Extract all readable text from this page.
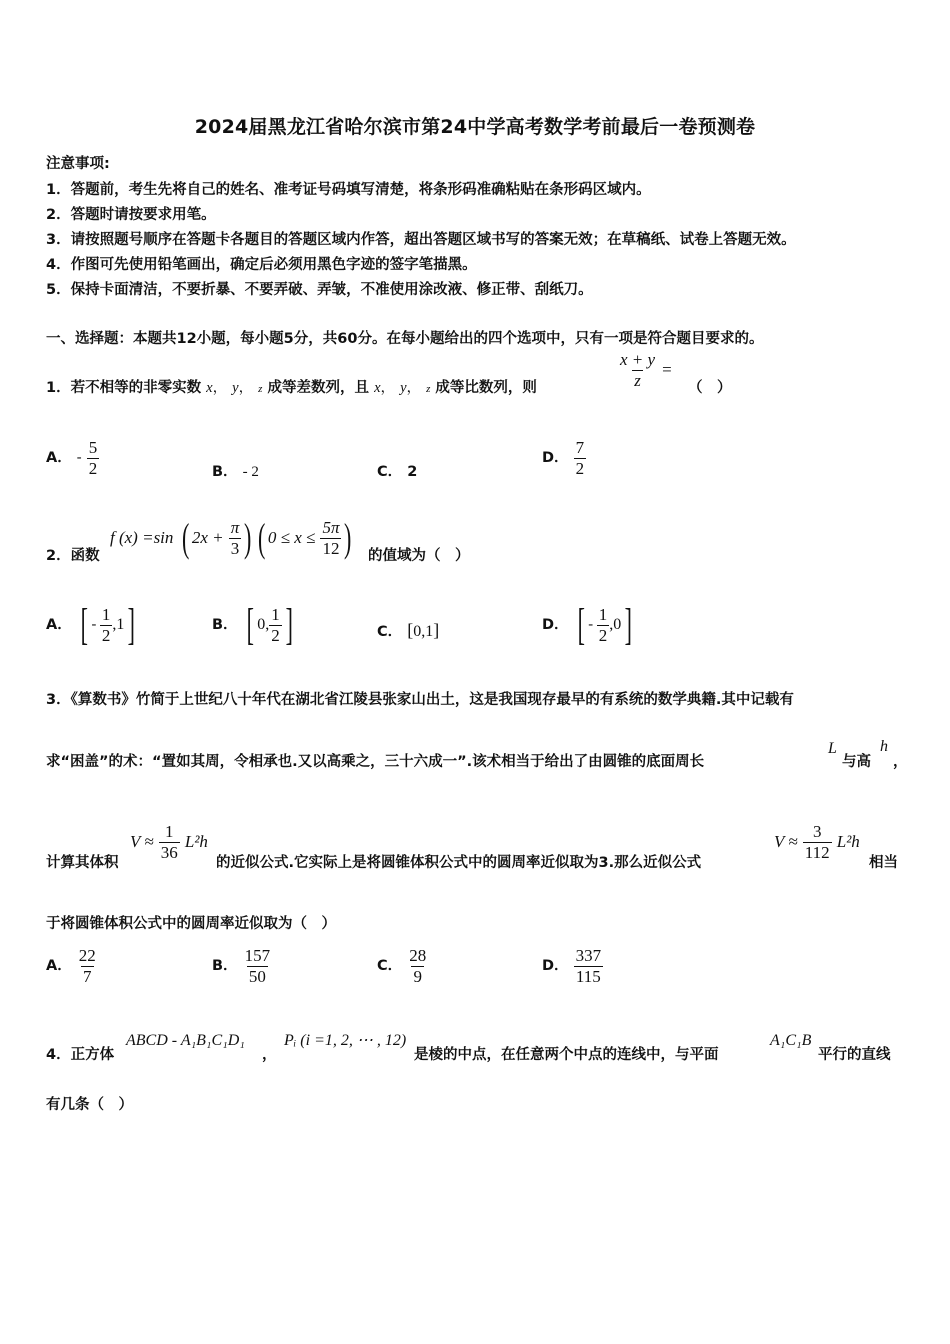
2024届黑龙江省哈尔滨市第24中学高考数学考前最后一卷预测卷
注意事项:
1．答题前，考生先将自己的姓名、准考证号码填写清楚，将条形码准确粘贴在条形码区域内。
2．答题时请按要求用笔。
3．请按照题号顺序在答题卡各题目的答题区域内作答，超出答题区域书写的答案无效；在草稿纸、试卷上答题无效。
4．作图可先使用铅笔画出，确定后必须用黑色字迹的签字笔描黑。
5．保持卡面清洁，不要折暴、不要弄破、弄皱，不准使用涂改液、修正带、刮纸刀。
一、选择题：本题共12小题，每小题5分，共60分。在每小题给出的四个选项中，只有一项是符合题目要求的。
1．若不相等的非零实数 x， y， z 成等差数列，且 x， y， z 成等比数列，则	$\frac{x + y}{z}$ =
（　）
A． - $\frac{5}{2}$	B． - 2	C． 2
D． $\frac{7}{2}$
2．函数
f (x) =sin ( $2x + \frac{\pi}{3}$ ) ( $0 \le x \le \frac{5\pi}{12}$ ) 的值域为（　）
A． [ - $\frac{1}{2} ,1$]	B． [ 0, $\frac{1}{2}$ ]	C． [0,1]	D． [ - $\frac{1}{2} ,0$]
3．《算数书》竹简于上世纪八十年代在湖北省江陵县张家山出土，这是我国现存最早的有系统的数学典籍.其中记载有
求“困盖”的术：“置如其周，令相承也.又以高乘之，三十六成一”.该术相当于给出了由圆锥的底面周长
L
与高
h
，
计算其体积
$V \approx \frac{1}{36} L^2h$
的近似公式.它实际上是将圆锥体积公式中的圆周率近似取为3.那么近似公式
$V \approx \frac{3}{112} L^2h$
相当
于将圆锥体积公式中的圆周率近似取为（　）
A． $\frac{22}{7}$	B． $\frac{157}{50}$	C． $\frac{28}{9}$	D． $\frac{337}{115}$
4．正方体
ABCD - A₁B₁C₁D₁
，
Pᵢ (i =1, 2, ⋯ , 12)
是棱的中点，在任意两个中点的连线中，与平面
A₁C₁B
平行的直线
有几条（　）
